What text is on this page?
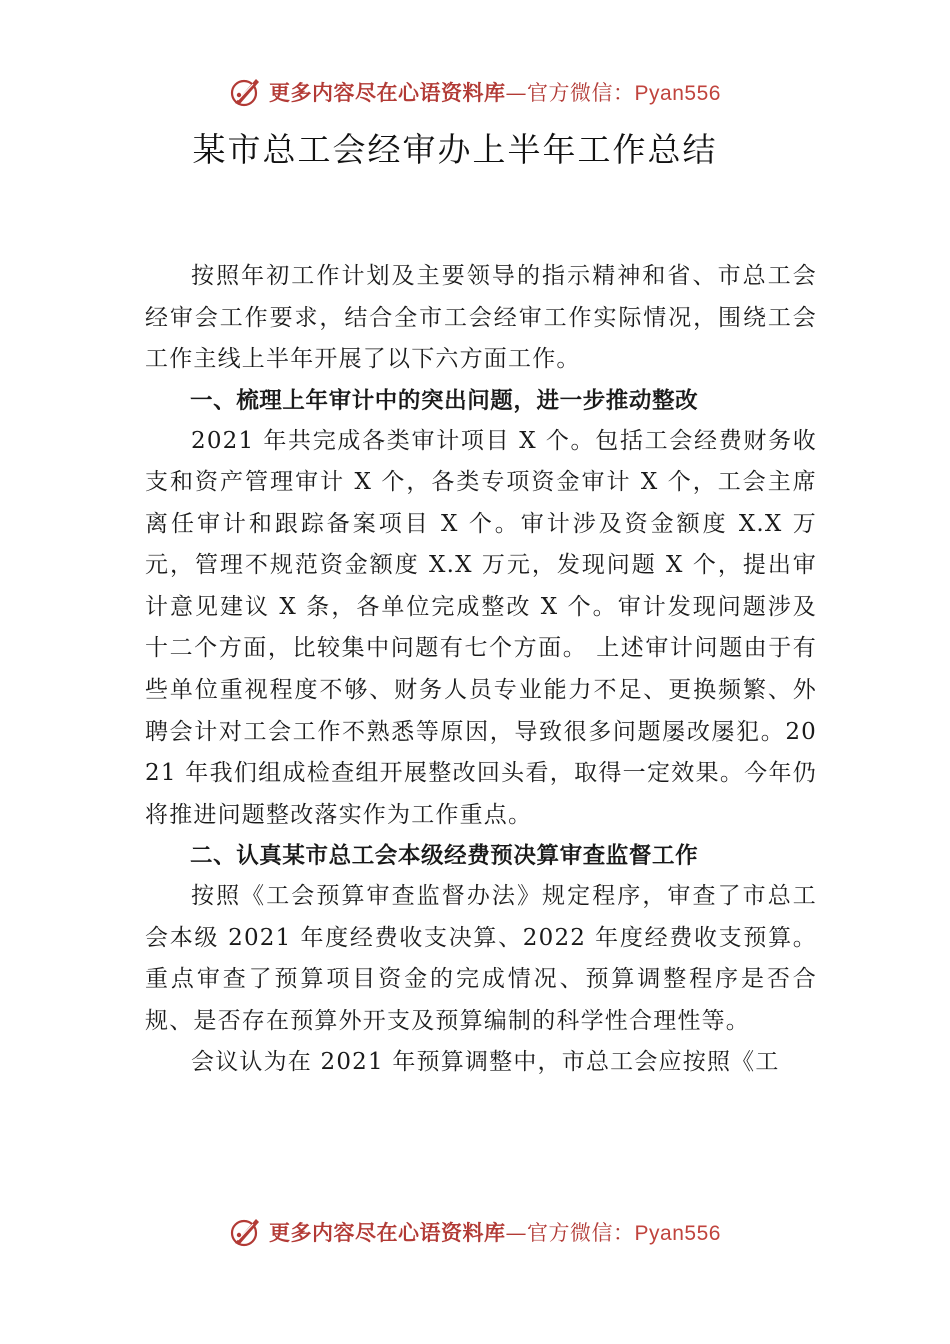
更多内容尽在心语资料库—官方微信：Pyan556
某市总工会经审办上半年工作总结

按照年初工作计划及主要领导的指示精神和省、市总工会经审会工作要求，结合全市工会经审工作实际情况，围绕工会工作主线上半年开展了以下六方面工作。

一、梳理上年审计中的突出问题，进一步推动整改

2021 年共完成各类审计项目 X 个。包括工会经费财务收支和资产管理审计 X 个，各类专项资金审计 X 个，工会主席离任审计和跟踪备案项目 X 个。审计涉及资金额度 X.X 万元，管理不规范资金额度 X.X 万元，发现问题 X 个，提出审计意见建议 X 条，各单位完成整改 X 个。审计发现问题涉及十二个方面，比较集中问题有七个方面。 上述审计问题由于有些单位重视程度不够、财务人员专业能力不足、更换频繁、外聘会计对工会工作不熟悉等原因，导致很多问题屡改屡犯。2021 年我们组成检查组开展整改回头看，取得一定效果。今年仍将推进问题整改落实作为工作重点。

二、认真某市总工会本级经费预决算审查监督工作

按照《工会预算审查监督办法》规定程序，审查了市总工会本级 2021 年度经费收支决算、2022 年度经费收支预算。重点审查了预算项目资金的完成情况、预算调整程序是否合规、是否存在预算外开支及预算编制的科学性合理性等。

会议认为在 2021 年预算调整中，市总工会应按照《工

更多内容尽在心语资料库—官方微信：Pyan556
